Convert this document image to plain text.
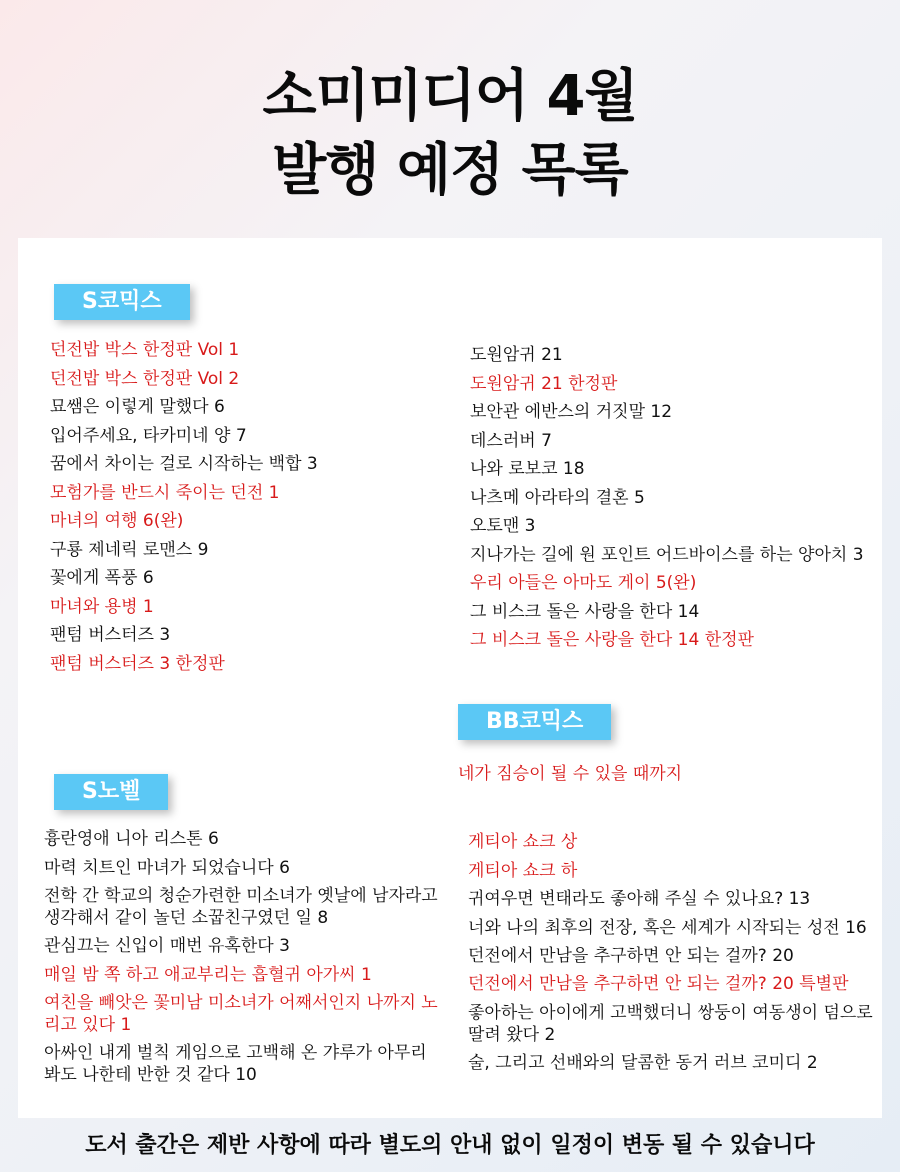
소미미디어 4월
발행 예정 목록
S코믹스
던전밥 박스 한정판 Vol 1
던전밥 박스 한정판 Vol 2
묘쌤은 이렇게 말했다 6
입어주세요, 타카미네 양 7
꿈에서 차이는 걸로 시작하는 백합 3
모험가를 반드시 죽이는 던전 1
마녀의 여행 6(완)
구룡 제네릭 로맨스 9
꽃에게 폭풍 6
마녀와 용병 1
팬텀 버스터즈 3
팬텀 버스터즈 3 한정판
도원암귀 21
도원암귀 21 한정판
보안관 에반스의 거짓말 12
데스러버 7
나와 로보코 18
나츠메 아라타의 결혼 5
오토맨 3
지나가는 길에 원 포인트 어드바이스를 하는 양아치 3
우리 아들은 아마도 게이 5(완)
그 비스크 돌은 사랑을 한다 14
그 비스크 돌은 사랑을 한다 14 한정판
BB코믹스
네가 짐승이 될 수 있을 때까지
S노벨
흉란영애 니아 리스톤 6
마력 치트인 마녀가 되었습니다 6
전학 간 학교의 청순가련한 미소녀가 옛날에 남자라고 생각해서 같이 놀던 소꿉친구였던 일 8
관심끄는 신입이 매번 유혹한다 3
매일 밤 쪽 하고 애교부리는 흡혈귀 아가씨 1
여친을 빼앗은 꽃미남 미소녀가 어째서인지 나까지 노리고 있다 1
아싸인 내게 벌칙 게임으로 고백해 온 갸루가 아무리 봐도 나한테 반한 것 같다 10
게티아 쇼크 상
게티아 쇼크 하
귀여우면 변태라도 좋아해 주실 수 있나요? 13
너와 나의 최후의 전장, 혹은 세계가 시작되는 성전 16
던전에서 만남을 추구하면 안 되는 걸까? 20
던전에서 만남을 추구하면 안 되는 걸까? 20 특별판
좋아하는 아이에게 고백했더니 쌍둥이 여동생이 덤으로 딸려 왔다 2
술, 그리고 선배와의 달콤한 동거 러브 코미디 2
도서 출간은 제반 사항에 따라 별도의 안내 없이 일정이 변동 될 수 있습니다
